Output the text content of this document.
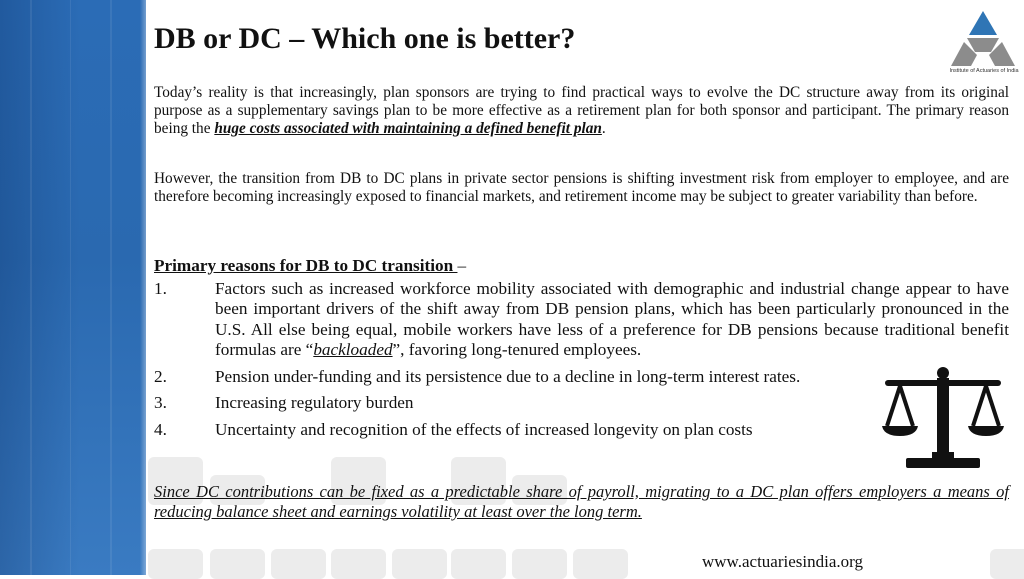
DB or DC – Which one is better?

Institute of Actuaries of India

Today’s reality is that increasingly, plan sponsors are trying to find practical ways to evolve the DC structure away from its original purpose as a supplementary savings plan to be more effective as a retirement plan for both sponsor and participant. The primary reason being the huge costs associated with maintaining a defined benefit plan.

However, the transition from DB to DC plans in private sector pensions is shifting investment risk from employer to employee, and are therefore becoming increasingly exposed to financial markets, and retirement income may be subject to greater variability than before.

Primary reasons for DB to DC transition –

1.	Factors such as increased workforce mobility associated with demographic and industrial change appear to have been important drivers of the shift away from DB pension plans, which has been particularly pronounced in the U.S. All else being equal, mobile workers have less of a preference for DB pensions because traditional benefit formulas are “backloaded”, favoring long-tenured employees.
2.	Pension under-funding and its persistence due to a decline in long-term interest rates.
3.	Increasing regulatory burden
4.	Uncertainty and recognition of the effects of increased longevity on plan costs

Since DC contributions can be fixed as a predictable share of payroll, migrating to a DC plan offers employers a means of reducing balance sheet and earnings volatility at least over the long term.

www.actuariesindia.org
